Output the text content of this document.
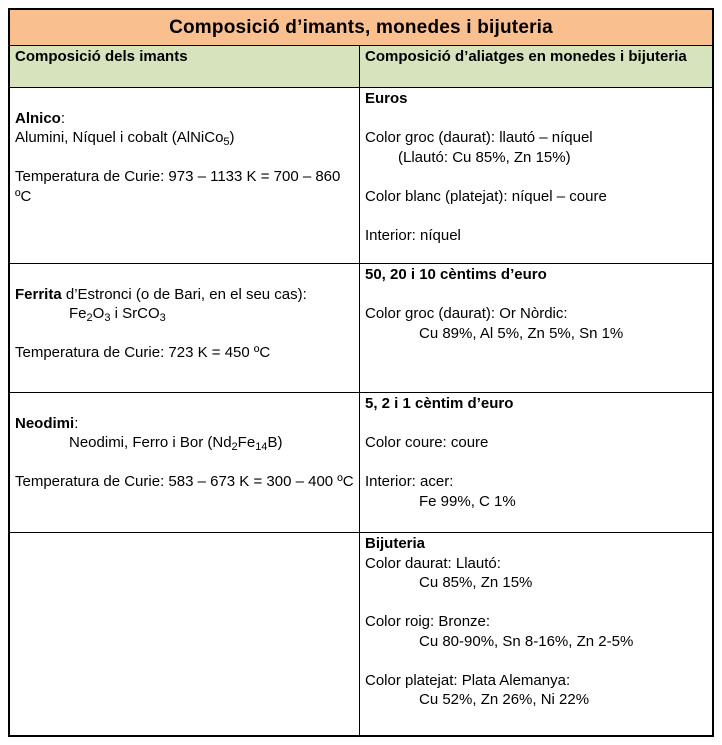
Composició d’imants, monedes i bijuteria
Composició dels imants	Composició d’aliatges en monedes i bijuteria

Alnico:
Alumini, Níquel i cobalt (AlNiCo$_5$)

Temperatura de Curie: 973 – 1133 K = 700 – 860 ºC
Euros

Color groc (daurat): llautó – níquel
(Llautó: Cu 85%, Zn 15%)

Color blanc (platejat): níquel – coure

Interior: níquel

Ferrita d’Estronci (o de Bari, en el seu cas):
$Fe_2O_3$ i SrCO$_3$

Temperatura de Curie: 723 K = 450 ºC
50, 20 i 10 cèntims d’euro

Color groc (daurat): Or Nòrdic:
Cu 89%, Al 5%, Zn 5%, Sn 1%

Neodimi:
Neodimi, Ferro i Bor $(Nd_2Fe_{14}B)$

Temperatura de Curie: 583 – 673 K = 300 – 400 ºC
5, 2 i 1 cèntim d’euro

Color coure: coure

Interior: acer:
Fe 99%, C 1%
Bijuteria
Color daurat: Llautó:
Cu 85%, Zn 15%

Color roig: Bronze:
Cu 80-90%, Sn 8-16%, Zn 2-5%

Color platejat: Plata Alemanya:
Cu 52%, Zn 26%, Ni 22%
